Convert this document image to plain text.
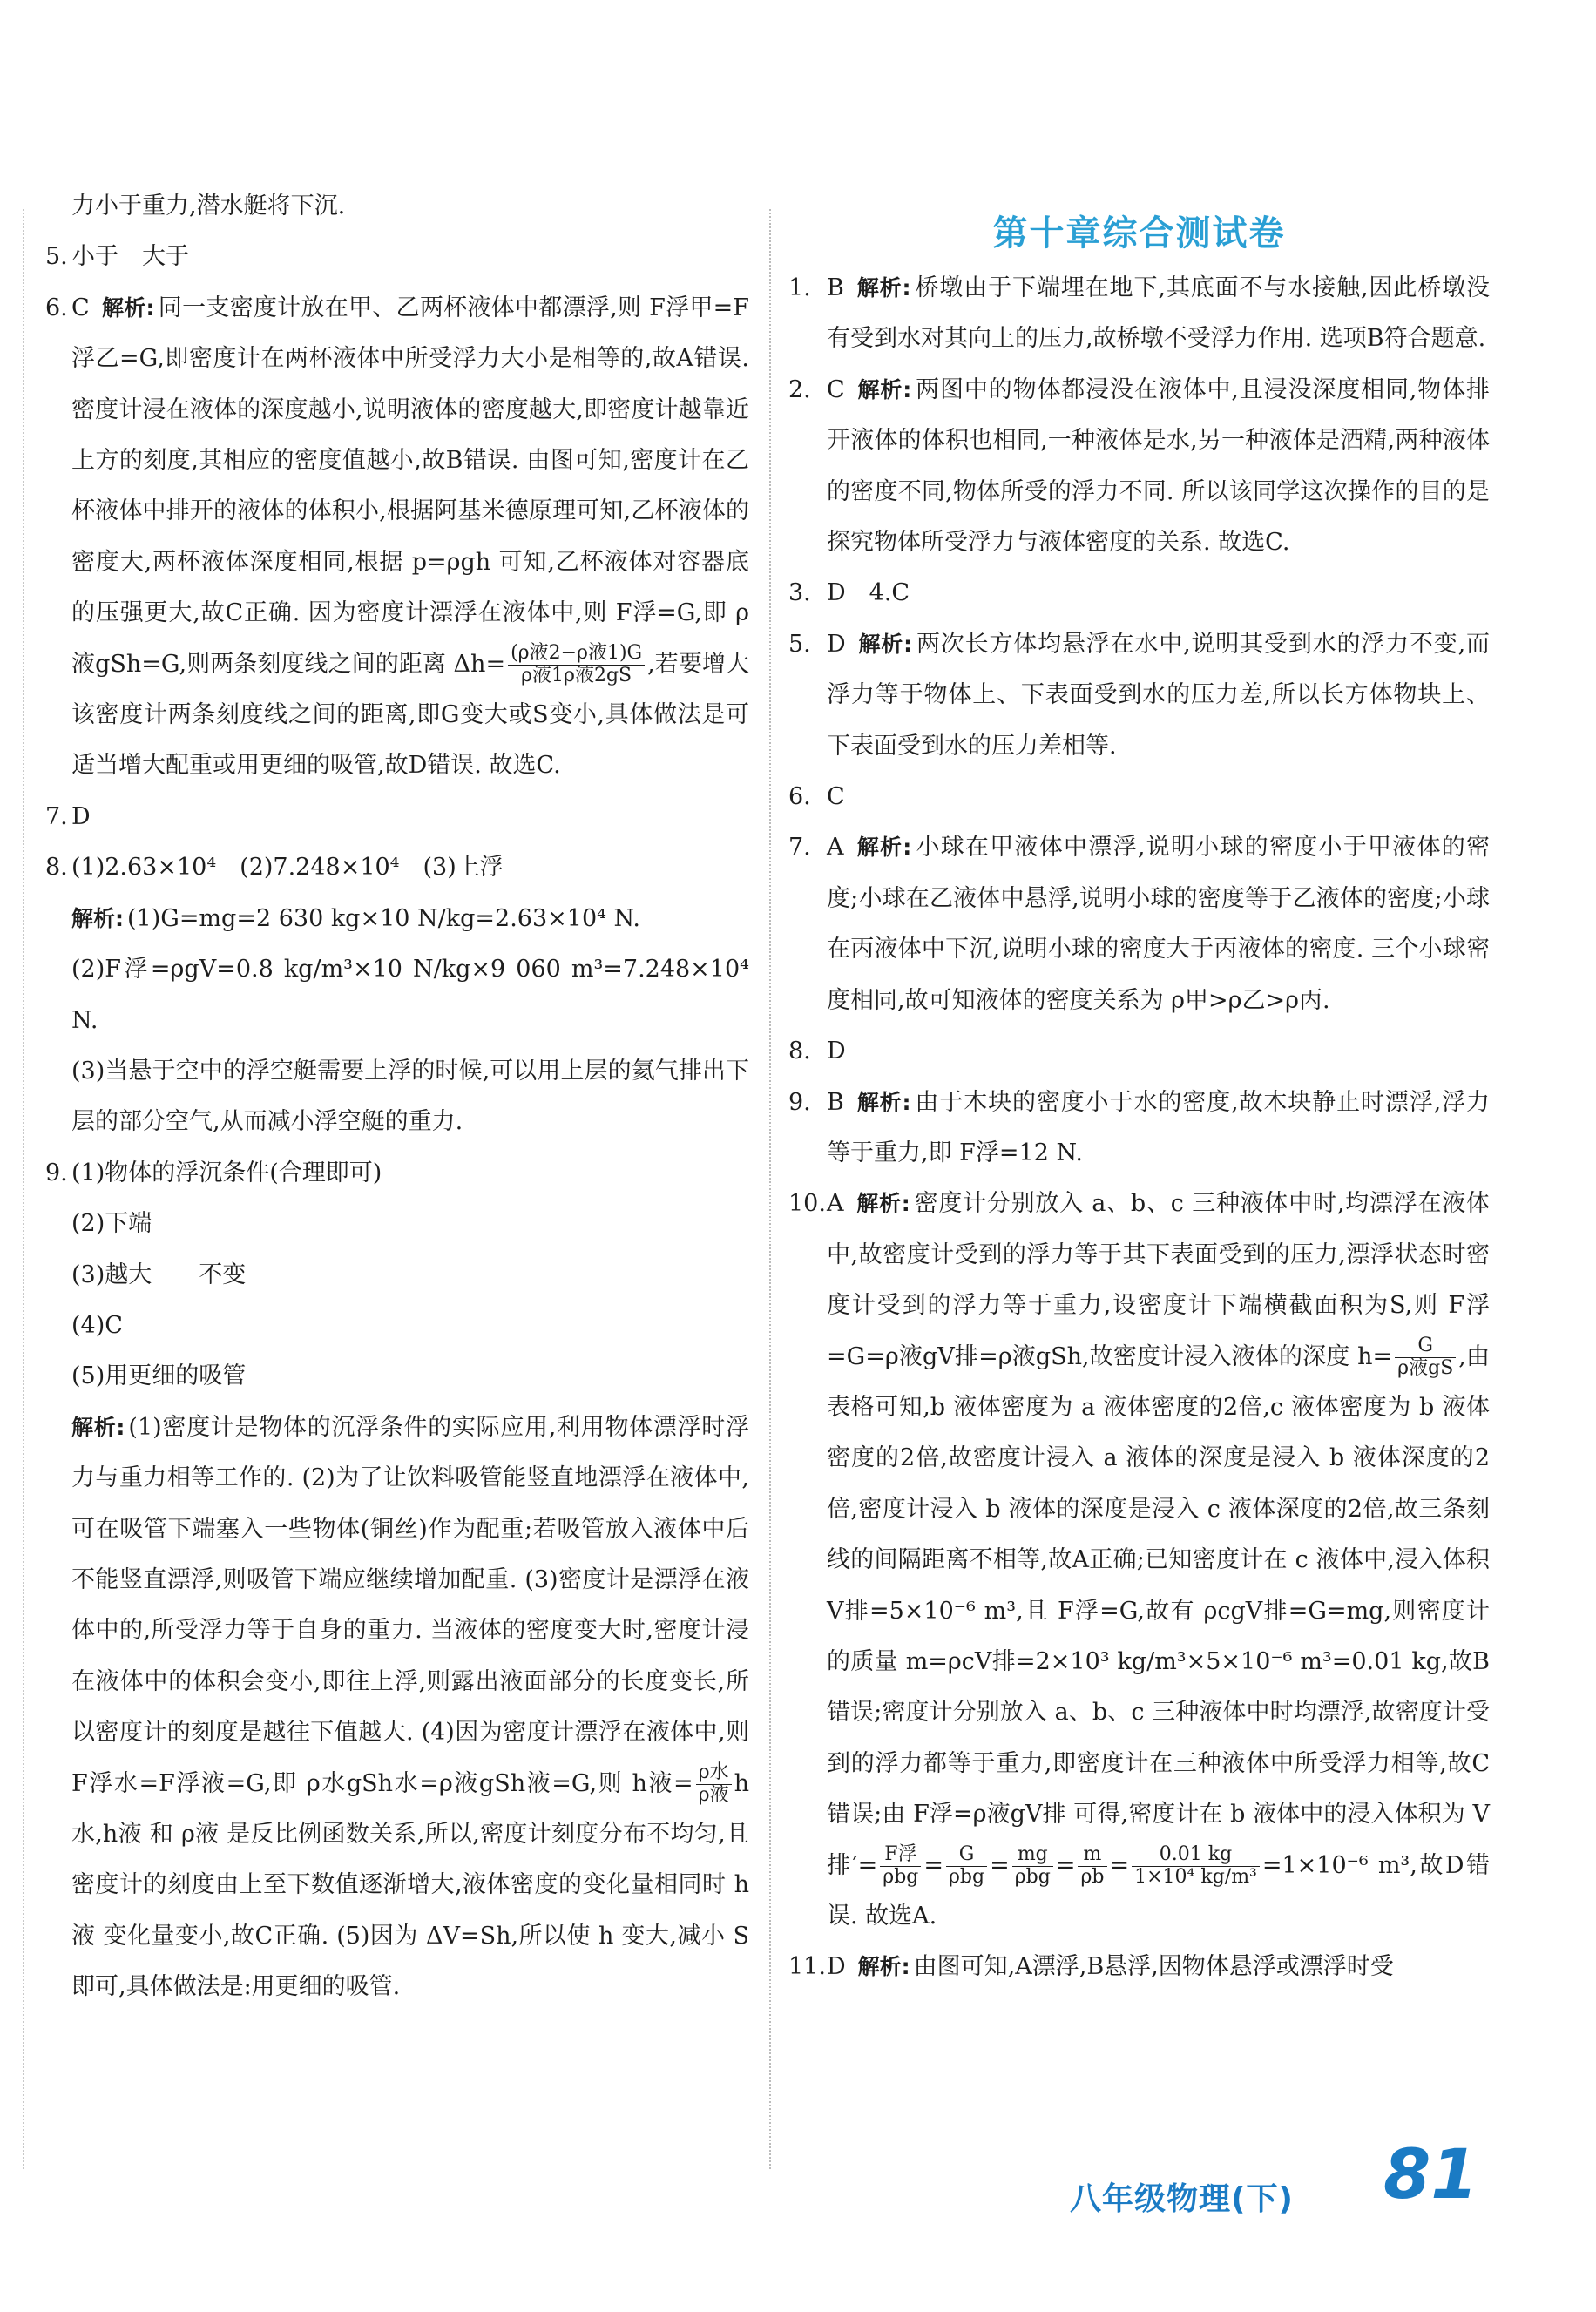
力小于重力,潜水艇将下沉.

5. 小于　大于

6. C 解析: 同一支密度计放在甲、乙两杯液体中都漂浮,则 F浮甲=F浮乙=G,即密度计在两杯液体中所受浮力大小是相等的,故A错误. 密度计浸在液体的深度越小,说明液体的密度越大,即密度计越靠近上方的刻度,其相应的密度值越小,故B错误. 由图可知,密度计在乙杯液体中排开的液体的体积小,根据阿基米德原理可知,乙杯液体的密度大,两杯液体深度相同,根据 p=ρgh 可知,乙杯液体对容器底的压强更大,故C正确. 因为密度计漂浮在液体中,则 F浮=G,即 ρ液gSh=G,则两条刻度线之间的距离 $\Delta h= \frac{\text{(ρ液2−ρ液1)G}}{\text{ρ液1ρ液2gS}}$ ,若要增大该密度计两条刻度线之间的距离,即G变大或S变小,具体做法是可适当增大配重或用更细的吸管,故D错误. 故选C.

7. D

8. (1)2.63×10⁴　(2)7.248×10⁴　(3)上浮

解析: (1)G=mg=2 630 kg×10 N/kg=2.63×10⁴ N.

(2)F浮=ρgV=0.8 kg/m³×10 N/kg×9 060 m³=7.248×10⁴ N.

(3)当悬于空中的浮空艇需要上浮的时候,可以用上层的氦气排出下层的部分空气,从而减小浮空艇的重力.

9. (1)物体的浮沉条件(合理即可)

(2)下端

(3)越大　　不变

(4)C

(5)用更细的吸管

解析: (1)密度计是物体的沉浮条件的实际应用,利用物体漂浮时浮力与重力相等工作的. (2)为了让饮料吸管能竖直地漂浮在液体中,可在吸管下端塞入一些物体(铜丝)作为配重;若吸管放入液体中后不能竖直漂浮,则吸管下端应继续增加配重. (3)密度计是漂浮在液体中的,所受浮力等于自身的重力. 当液体的密度变大时,密度计浸在液体中的体积会变小,即往上浮,则露出液面部分的长度变长,所以密度计的刻度是越往下值越大. (4)因为密度计漂浮在液体中,则 F浮水=F浮液=G,即 ρ水gSh水=ρ液gSh液=G,则 h液= $\frac{\text{ρ水}}{\text{ρ液}}$ h水,h液 和 ρ液 是反比例函数关系,所以,密度计刻度分布不均匀,且密度计的刻度由上至下数值逐渐增大,液体密度的变化量相同时 h液 变化量变小,故C正确. (5)因为 ΔV=Sh,所以使 h 变大,减小 S 即可,具体做法是:用更细的吸管.

第十章综合测试卷

1. B 解析: 桥墩由于下端埋在地下,其底面不与水接触,因此桥墩没有受到水对其向上的压力,故桥墩不受浮力作用. 选项B符合题意.

2. C 解析: 两图中的物体都浸没在液体中,且浸没深度相同,物体排开液体的体积也相同,一种液体是水,另一种液体是酒精,两种液体的密度不同,物体所受的浮力不同. 所以该同学这次操作的目的是探究物体所受浮力与液体密度的关系. 故选C.

3. D　4.C

5. D 解析: 两次长方体均悬浮在水中,说明其受到水的浮力不变,而浮力等于物体上、下表面受到水的压力差,所以长方体物块上、下表面受到水的压力差相等.

6. C

7. A 解析: 小球在甲液体中漂浮,说明小球的密度小于甲液体的密度;小球在乙液体中悬浮,说明小球的密度等于乙液体的密度;小球在丙液体中下沉,说明小球的密度大于丙液体的密度. 三个小球密度相同,故可知液体的密度关系为 ρ甲>ρ乙>ρ丙.

8. D

9. B 解析: 由于木块的密度小于水的密度,故木块静止时漂浮,浮力等于重力,即 F浮=12 N.

10.A 解析: 密度计分别放入 a、b、c 三种液体中时,均漂浮在液体中,故密度计受到的浮力等于其下表面受到的压力,漂浮状态时密度计受到的浮力等于重力,设密度计下端横截面积为S,则 F浮=G=ρ液gV排=ρ液gSh,故密度计浸入液体的深度 $h= \frac{G}{\text{ρ液gS}}$ ,由表格可知,b 液体密度为 a 液体密度的2倍,c 液体密度为 b 液体密度的2倍,故密度计浸入 a 液体的深度是浸入 b 液体深度的2倍,密度计浸入 b 液体的深度是浸入 c 液体深度的2倍,故三条刻线的间隔距离不相等,故A正确;已知密度计在 c 液体中,浸入体积 V排=5×10⁻⁶ m³,且 F浮=G,故有 ρcgV排=G=mg,则密度计的质量 m=ρcV排=2×10³ kg/m³×5×10⁻⁶ m³=0.01 kg,故B错误;密度计分别放入 a、b、c 三种液体中时均漂浮,故密度计受到的浮力都等于重力,即密度计在三种液体中所受浮力相等,故C错误;由 F浮=ρ液gV排 可得,密度计在 b 液体中的浸入体积为 V排′= $\frac{\text{F浮}}{\text{ρbg}} = \frac{G}{\text{ρbg}} = \frac{mg}{\text{ρbg}} = \frac{m}{\rho b} = \frac{0.01 kg}{\text{1×10⁴ kg/m³}} =1\times 10^{-6}$ m³,故D错误. 故选A.

11.D 解析: 由图可知,A漂浮,B悬浮,因物体悬浮或漂浮时受

八年级物理(下) 81
